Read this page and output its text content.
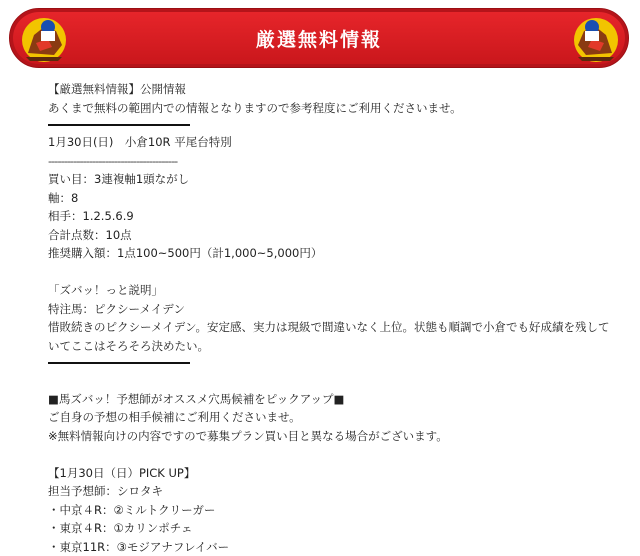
厳選無料情報
【厳選無料情報】公開情報
あくまで無料の範囲内での情報となりますので参考程度にご利用くださいませ。
1月30日(日)　小倉10R 平尾台特別
-----------------------------------------
買い目：3連複軸1頭ながし
軸：8
相手：1.2.5.6.9
合計点数：10点
推奨購入額：1点100~500円（計1,000~5,000円）
「ズバッ！っと説明」
特注馬：ピクシーメイデン
惜敗続きのピクシーメイデン。安定感、実力は現級で間違いなく上位。状態も順調で小倉でも好成績を残していてここはそろそろ決めたい。
■馬ズバッ！予想師がオススメ穴馬候補をピックアップ■
ご自身の予想の相手候補にご利用くださいませ。
※無料情報向けの内容ですので募集プラン買い目と異なる場合がございます。
【1月30日（日）PICK UP】
担当予想師：シロタキ
・中京４R：②ミルトクリーガー
・東京４R：①カリンポチェ
・東京11R：③モジアナフレイバー
